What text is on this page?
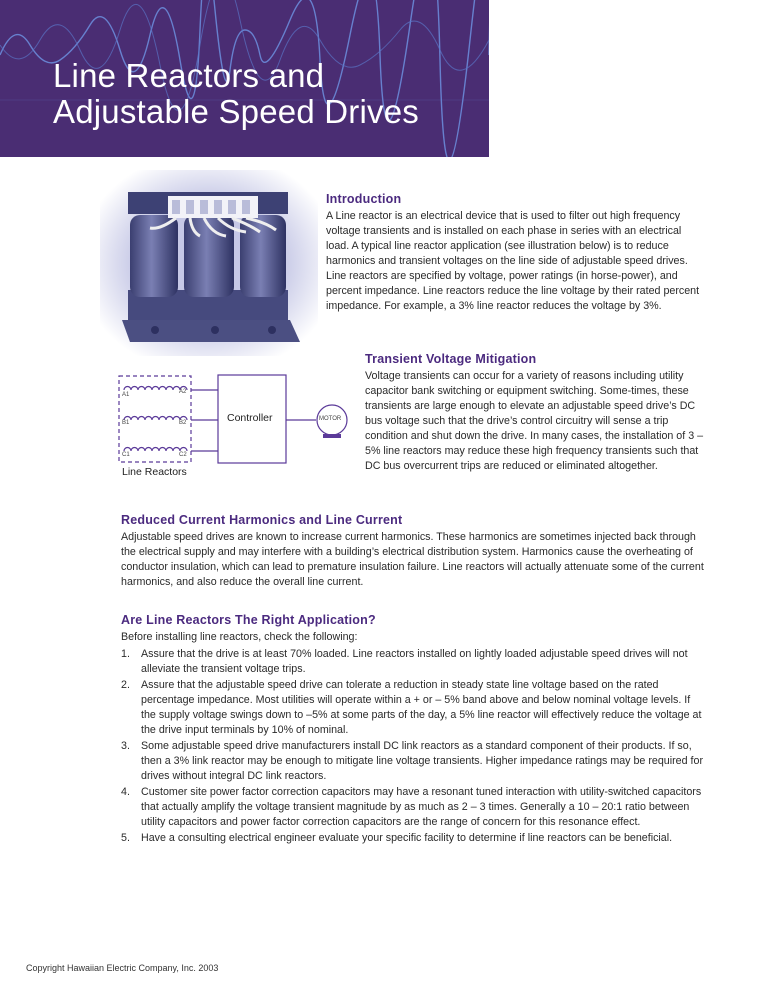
Line Reactors and
Adjustable Speed Drives
Introduction

A Line reactor is an electrical device that is used to filter out high frequency voltage transients and is installed on each phase in series with an electrical load. A typical line reactor application (see illustration below) is to reduce harmonics and transient voltages on the line side of adjustable speed drives. Line reactors are specified by voltage, power ratings (in horse-power), and percent impedance. Line reactors reduce the line voltage by their rated percent impedance. For example, a 3% line reactor reduces the voltage by 3%.

A1	A2
B1	B2
C1	C2
Controller	MOTOR
Line Reactors
Transient Voltage Mitigation

Voltage transients can occur for a variety of reasons including utility capacitor bank switching or equipment switching. Some-times, these transients are large enough to elevate an adjustable speed drive’s DC bus voltage such that the drive’s control circuitry will sense a trip condition and shut down the drive. In many cases, the installation of 3 – 5% line reactors may reduce these high frequency transients such that DC bus overcurrent trips are reduced or eliminated altogether.

Reduced Current Harmonics and Line Current

Adjustable speed drives are known to increase current harmonics. These harmonics are sometimes injected back through the electrical supply and may interfere with a building’s electrical distribution system. Harmonics cause the overheating of conductor insulation, which can lead to premature insulation failure. Line reactors will actually attenuate some of the current harmonics, and also reduce the overall line current.

Are Line Reactors The Right Application?

Before installing line reactors, check the following:

1. Assure that the drive is at least 70% loaded. Line reactors installed on lightly loaded adjustable speed drives will not alleviate the transient voltage trips.
2. Assure that the adjustable speed drive can tolerate a reduction in steady state line voltage based on the rated percentage impedance. Most utilities will operate within a + or – 5% band above and below nominal voltage levels. If the supply voltage swings down to –5% at some parts of the day, a 5% line reactor will effectively reduce the voltage at the drive input terminals by 10% of nominal.
3. Some adjustable speed drive manufacturers install DC link reactors as a standard component of their products. If so, then a 3% link reactor may be enough to mitigate line voltage transients. Higher impedance ratings may be required for drives without integral DC link reactors.
4. Customer site power factor correction capacitors may have a resonant tuned interaction with utility-switched capacitors that actually amplify the voltage transient magnitude by as much as 2 – 3 times. Generally a 10 – 20:1 ratio between utility capacitors and power factor correction capacitors are the range of concern for this resonance effect.
5. Have a consulting electrical engineer evaluate your specific facility to determine if line reactors can be beneficial.
Copyright Hawaiian Electric Company, Inc. 2003
